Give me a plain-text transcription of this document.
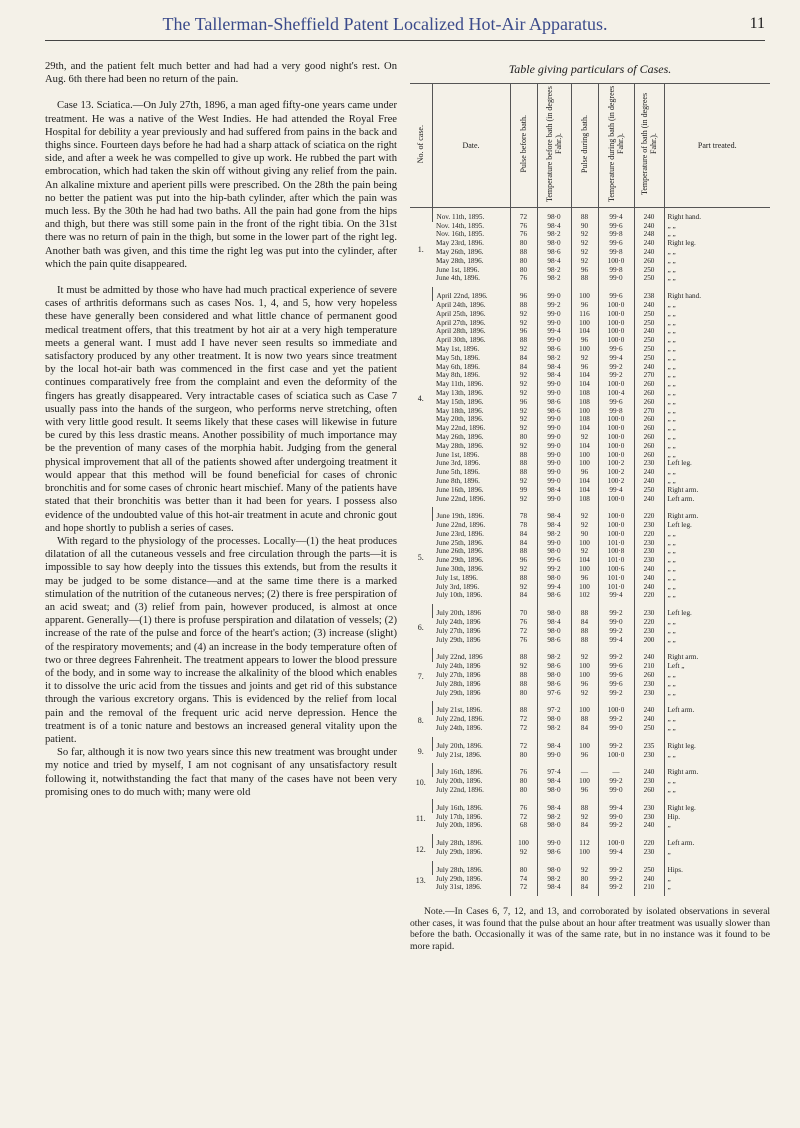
The Tallerman-Sheffield Patent Localized Hot-Air Apparatus.	11

29th, and the patient felt much better and had had a very good night's rest. On Aug. 6th there had been no return of the pain.

Case 13. Sciatica.—On July 27th, 1896, a man aged fifty-one years came under treatment. He was a native of the West Indies. He had attended the Royal Free Hospital for debility a year previously and had suffered from pains in the back and thighs since. Fourteen days before he had had a sharp attack of sciatica on the right side, and after a week he was compelled to give up work. He rubbed the part with embrocation, which had taken the skin off without giving any relief from the pain. An alkaline mixture and aperient pills were prescribed. On the 28th the pain being no better the patient was put into the hip-bath cylinder, after which the pain was much less. By the 30th he had had two baths. All the pain had gone from the hips and thigh, but there was still some pain in the front of the right tibia. On the 31st there was no return of pain in the thigh, but some in the lower part of the right leg. Another bath was given, and this time the right leg was put into the cylinder, after which the pain quite disappeared.

It must be admitted by those who have had much practical experience of severe cases of arthritis deformans such as cases Nos. 1, 4, and 5, how very hopeless these have generally been considered and what little chance of permanent good medical treatment offers, that this treatment by hot air at a very high temperature meets a general want. I must add I have never seen results so immediate and satisfactory produced by any other treatment. It is now two years since treatment by the local hot-air bath was commenced in the first case and yet the patient continues comparatively free from the complaint and even the deformity of the fingers has greatly disappeared. Very intractable cases of sciatica such as Case 7 usually pass into the hands of the surgeon, who performs nerve stretching, often with very little good result. It seems likely that these cases will likewise in future be cured by this less drastic means. Another possibility of much importance may be the prevention of many cases of the morphia habit. Judging from the general physical improvement that all of the patients showed after undergoing treatment it would appear that this method will be found beneficial for cases of chronic bronchitis and for some cases of chronic heart mischief. Many of the patients have stated that their bronchitis was better than it had been for years. I possess also evidence of the undoubted value of this hot-air treatment in acute and chronic gout and hope shortly to publish a series of cases.

With regard to the physiology of the processes. Locally—(1) the heat produces dilatation of all the cutaneous vessels and free circulation through the parts—it is impossible to say how deeply into the tissues this extends, but from the results it may be judged to be some distance—and at the same time there is a marked stimulation of the nutrition of the cutaneous nerves; (2) there is free perspiration of an acid sweat; and (3) relief from pain, however produced, is almost at once apparent. Generally—(1) there is profuse perspiration and dilatation of vessels; (2) increase of the rate of the pulse and force of the heart's action; (3) increase (slight) of the respiratory movements; and (4) an increase in the body temperature often of two or three degrees Fahrenheit. The treatment appears to lower the blood pressure of the body, and in some way to increase the alkalinity of the blood which enables it to dissolve the uric acid from the tissues and joints and get rid of this substance through the various excretory organs. This is evidenced by the relief from local pain and the removal of the frequent uric acid nerve depression. Hence the treatment is of a tonic nature and bestows an increased general vitality upon the patient.

So far, although it is now two years since this new treatment was brought under my notice and tried by myself, I am not cognisant of any unsatisfactory result following it, notwithstanding the fact that many of the cases have not been very promising ones to do much with; many were old

Table giving particulars of Cases.
No. of case.	Date.	Pulse before bath.	Temperature before bath (in degrees Fahr.).	Pulse during bath.	Temperature during bath (in degrees Fahr.).	Temperature of bath (in degrees Fahr.).	Part treated.
1.	Nov. 11th, 1895.	72	98·0	88	99·4	240	Right hand.
	Nov. 14th, 1895.	76	98·4	90	99·6	240	„ „
	Nov. 16th, 1895.	76	98·2	92	99·8	248	„ „
	May 23rd, 1896.	80	98·0	92	99·6	240	Right leg.
	May 26th, 1896.	88	98·6	92	99·8	240	„ „
	May 28th, 1896.	80	98·4	92	100·0	260	„ „
	June 1st, 1896.	80	98·2	96	99·8	250	„ „
	June 4th, 1896.	76	98·2	88	99·0	250	„ „
4.	April 22nd, 1896.	96	99·0	100	99·6	238	Right hand.
	April 24th, 1896.	88	99·2	96	100·0	240	„ „
	April 25th, 1896.	92	99·0	116	100·0	250	„ „
	April 27th, 1896.	92	99·0	100	100·0	250	„ „
	April 28th, 1896.	96	99·4	104	100·0	240	„ „
	April 30th, 1896.	88	99·0	96	100·0	250	„ „
	May 1st, 1896.	92	98·6	100	99·6	250	„ „
	May 5th, 1896.	84	98·2	92	99·4	250	„ „
	May 6th, 1896.	84	98·4	96	99·2	240	„ „
	May 8th, 1896.	92	98·4	104	99·2	270	„ „
	May 11th, 1896.	92	99·0	104	100·0	260	„ „
	May 13th, 1896.	92	99·0	108	100·4	260	„ „
	May 15th, 1896.	96	98·6	108	99·6	260	„ „
	May 18th, 1896.	92	98·6	100	99·8	270	„ „
	May 20th, 1896.	92	99·0	108	100·0	260	„ „
	May 22nd, 1896.	92	99·0	104	100·0	260	„ „
	May 26th, 1896.	80	99·0	92	100·0	260	„ „
	May 28th, 1896.	92	99·0	104	100·0	260	„ „
	June 1st, 1896.	88	99·0	100	100·0	260	„ „
	June 3rd, 1896.	88	99·0	100	100·2	230	Left leg.
	June 5th, 1896.	88	99·0	96	100·2	240	„ „
	June 8th, 1896.	92	99·0	104	100·2	240	„ „
	June 16th, 1896.	99	98·4	104	99·4	250	Right arm.
	June 22nd, 1896.	92	99·0	108	100·0	240	Left arm.
5.	June 19th, 1896.	78	98·4	92	100·0	220	Right arm.
	June 22nd, 1896.	78	98·4	92	100·0	230	Left leg.
	June 23rd, 1896.	84	98·2	90	100·0	220	„ „
	June 25th, 1896.	84	99·0	100	101·0	230	„ „
	June 26th, 1896.	88	98·0	92	100·8	230	„ „
	June 29th, 1896.	96	99·6	104	101·0	230	„ „
	June 30th, 1896.	92	99·2	100	100·6	240	„ „
	July 1st, 1896.	88	98·0	96	101·0	240	„ „
	July 3rd, 1896.	92	99·4	100	101·0	240	„ „
	July 10th, 1896.	84	98·6	102	99·4	220	„ „
6.	July 20th, 1896	70	98·0	88	99·2	230	Left leg.
	July 24th, 1896	76	98·4	84	99·0	220	„ „
	July 27th, 1896	72	98·0	88	99·2	230	„ „
	July 29th, 1896	76	98·6	88	99·4	200	„ „
7.	July 22nd, 1896	88	98·2	92	99·2	240	Right arm.
	July 24th, 1896	92	98·6	100	99·6	210	Left „
	July 27th, 1896	88	98·0	100	99·6	260	„ „
	July 28th, 1896	88	98·6	96	99·6	230	„ „
	July 29th, 1896	80	97·6	92	99·2	230	„ „
8.	July 21st, 1896.	88	97·2	100	100·0	240	Left arm.
	July 22nd, 1896.	72	98·0	88	99·2	240	„ „
	July 24th, 1896.	72	98·2	84	99·0	250	„ „
9.	July 20th, 1896.	72	98·4	100	99·2	235	Right leg.
	July 21st, 1896.	80	99·0	96	100·0	230	„ „
10.	July 16th, 1896.	76	97·4	—	—	240	Right arm.
	July 20th, 1896.	80	98·4	100	99·2	230	„ „
	July 22nd, 1896.	80	98·0	96	99·0	260	„ „
11.	July 16th, 1896.	76	98·4	88	99·4	230	Right leg.
	July 17th, 1896.	72	98·2	92	99·0	230	Hip.
	July 20th, 1896.	68	98·0	84	99·2	240	„
12.	July 28th, 1896.	100	99·0	112	100·0	220	Left arm.
	July 29th, 1896.	92	98·6	100	99·4	230	„
13.	July 28th, 1896.	80	98·0	92	99·2	250	Hips.
	July 29th, 1896.	74	98·2	80	99·2	240	„
	July 31st, 1896.	72	98·4	84	99·2	210	„
Note.—In Cases 6, 7, 12, and 13, and corroborated by isolated observations in several other cases, it was found that the pulse about an hour after treatment was usually slower than before the bath. Occasionally it was of the same rate, but in no instance was it found to be more rapid.
